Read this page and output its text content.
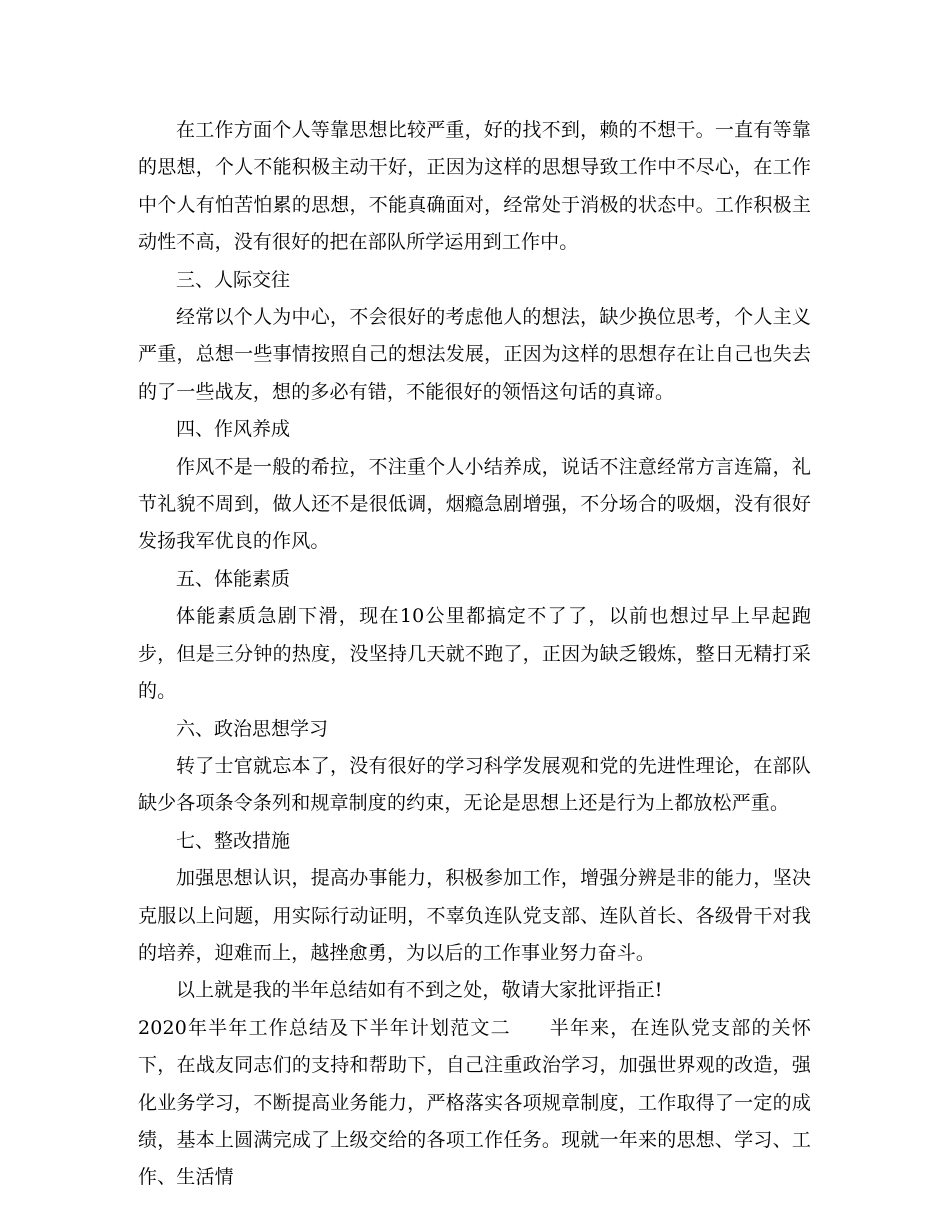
在工作方面个人等靠思想比较严重，好的找不到，赖的不想干。一直有等靠的思想，个人不能积极主动干好，正因为这样的思想导致工作中不尽心，在工作中个人有怕苦怕累的思想，不能真确面对，经常处于消极的状态中。工作积极主动性不高，没有很好的把在部队所学运用到工作中。

三、人际交往

经常以个人为中心，不会很好的考虑他人的想法，缺少换位思考，个人主义严重，总想一些事情按照自己的想法发展，正因为这样的思想存在让自己也失去的了一些战友，想的多必有错，不能很好的领悟这句话的真谛。

四、作风养成

作风不是一般的希拉，不注重个人小结养成，说话不注意经常方言连篇，礼节礼貌不周到，做人还不是很低调，烟瘾急剧增强，不分场合的吸烟，没有很好发扬我军优良的作风。

五、体能素质

体能素质急剧下滑，现在10公里都搞定不了了，以前也想过早上早起跑步，但是三分钟的热度，没坚持几天就不跑了，正因为缺乏锻炼，整日无精打采的。

六、政治思想学习

转了士官就忘本了，没有很好的学习科学发展观和党的先进性理论，在部队缺少各项条令条列和规章制度的约束，无论是思想上还是行为上都放松严重。

七、整改措施

加强思想认识，提高办事能力，积极参加工作，增强分辨是非的能力，坚决克服以上问题，用实际行动证明，不辜负连队党支部、连队首长、各级骨干对我的培养，迎难而上，越挫愈勇，为以后的工作事业努力奋斗。

以上就是我的半年总结如有不到之处，敬请大家批评指正!

2020年半年工作总结及下半年计划范文二 半年来，在连队党支部的关怀下，在战友同志们的支持和帮助下，自己注重政治学习，加强世界观的改造，强化业务学习，不断提高业务能力，严格落实各项规章制度，工作取得了一定的成绩，基本上圆满完成了上级交给的各项工作任务。现就一年来的思想、学习、工作、生活情
